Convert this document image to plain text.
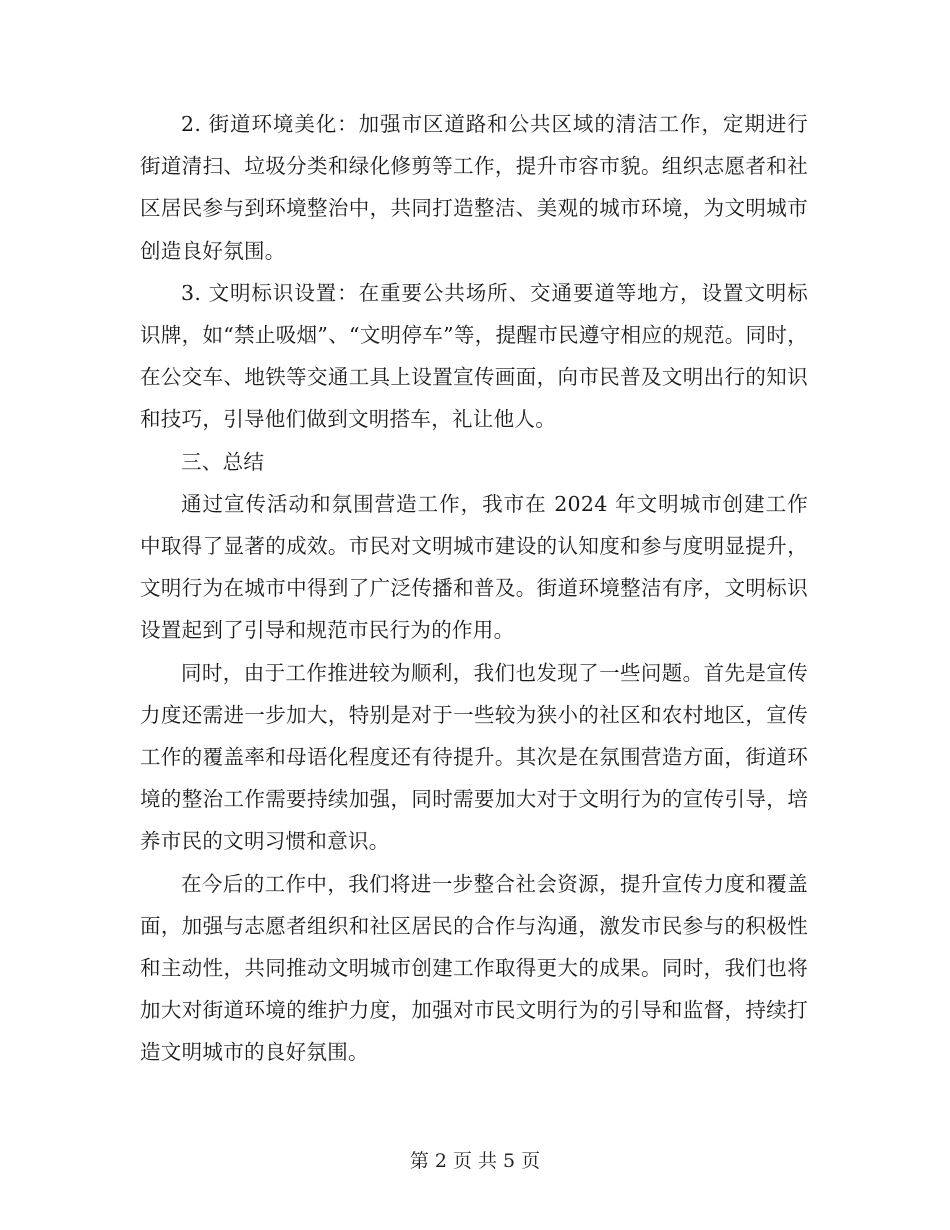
2. 街道环境美化：加强市区道路和公共区域的清洁工作，定期进行街道清扫、垃圾分类和绿化修剪等工作，提升市容市貌。组织志愿者和社区居民参与到环境整治中，共同打造整洁、美观的城市环境，为文明城市创造良好氛围。

3. 文明标识设置：在重要公共场所、交通要道等地方，设置文明标识牌，如“禁止吸烟”、“文明停车”等，提醒市民遵守相应的规范。同时，在公交车、地铁等交通工具上设置宣传画面，向市民普及文明出行的知识和技巧，引导他们做到文明搭车，礼让他人。

三、总结

通过宣传活动和氛围营造工作，我市在 2024 年文明城市创建工作中取得了显著的成效。市民对文明城市建设的认知度和参与度明显提升，文明行为在城市中得到了广泛传播和普及。街道环境整洁有序，文明标识设置起到了引导和规范市民行为的作用。

同时，由于工作推进较为顺利，我们也发现了一些问题。首先是宣传力度还需进一步加大，特别是对于一些较为狭小的社区和农村地区，宣传工作的覆盖率和母语化程度还有待提升。其次是在氛围营造方面，街道环境的整治工作需要持续加强，同时需要加大对于文明行为的宣传引导，培养市民的文明习惯和意识。

在今后的工作中，我们将进一步整合社会资源，提升宣传力度和覆盖面，加强与志愿者组织和社区居民的合作与沟通，激发市民参与的积极性和主动性，共同推动文明城市创建工作取得更大的成果。同时，我们也将加大对街道环境的维护力度，加强对市民文明行为的引导和监督，持续打造文明城市的良好氛围。

第 2 页 共 5 页
